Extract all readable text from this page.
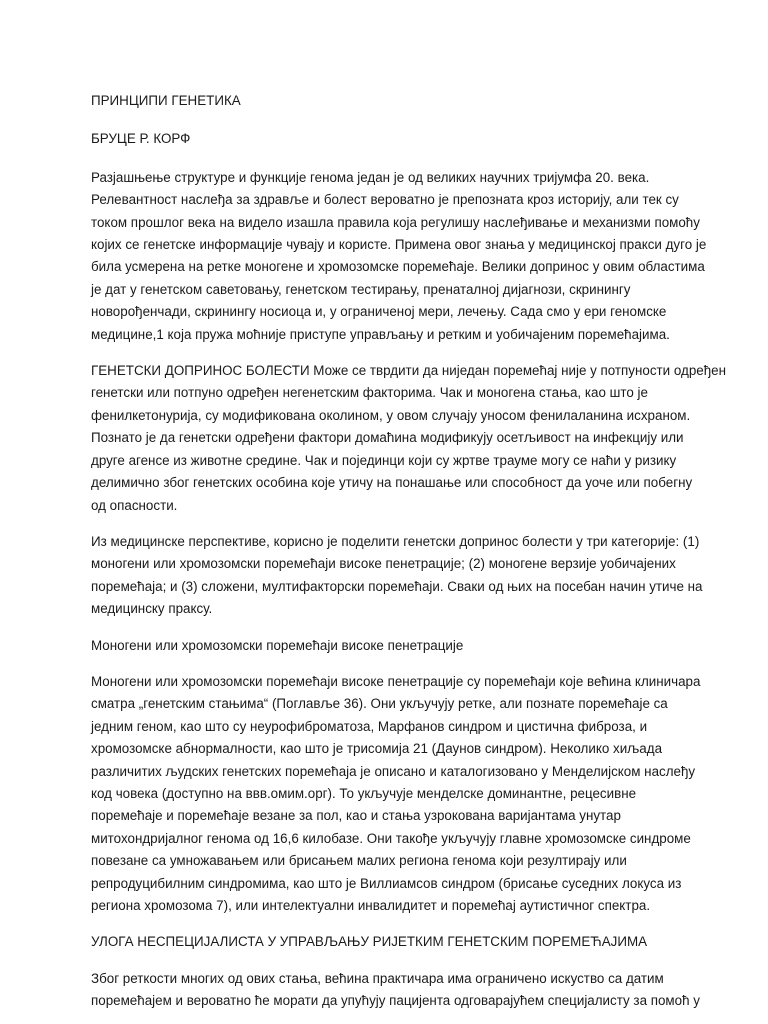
ПРИНЦИПИ ГЕНЕТИКА

БРУЦЕ Р. КОРФ

Разјашњење структуре и функције генома један је од великих научних тријумфа 20. века.
Релевантност наслеђа за здравље и болест вероватно је препозната кроз историју, али тек су
током прошлог века на видело изашла правила која регулишу наслеђивање и механизми помоћу
којих се генетске информације чувају и користе. Примена овог знања у медицинској пракси дуго је
била усмерена на ретке моногене и хромозомске поремећаје. Велики допринос у овим областима
је дат у генетском саветовању, генетском тестирању, пренаталној дијагнози, скринингу
новорођенчади, скринингу носиоца и, у ограниченој мери, лечењу. Сада смо у ери геномске
медицине,1 која пружа моћније приступе управљању и ретким и уобичајеним поремећајима.

ГЕНЕТСКИ ДОПРИНОС БОЛЕСТИ Може се тврдити да ниједан поремећај није у потпуности одређен
генетски или потпуно одређен негенетским факторима. Чак и моногена стања, као што је
фенилкетонурија, су модификована околином, у овом случају уносом фенилаланина исхраном.
Познато је да генетски одређени фактори домаћина модификују осетљивост на инфекцију или
друге агенсе из животне средине. Чак и појединци који су жртве трауме могу се наћи у ризику
делимично због генетских особина које утичу на понашање или способност да уоче или побегну
од опасности.

Из медицинске перспективе, корисно је поделити генетски допринос болести у три категорије: (1)
моногени или хромозомски поремећаји високе пенетрације; (2) моногене верзије уобичајених
поремећаја; и (3) сложени, мултифакторски поремећаји. Сваки од њих на посебан начин утиче на
медицинску праксу.

Моногени или хромозомски поремећаји високе пенетрације

Моногени или хромозомски поремећаји високе пенетрације су поремећаји које већина клиничара
сматра „генетским стањима“ (Поглавље 36). Они укључују ретке, али познате поремећаје са
једним геном, као што су неурофиброматоза, Марфанов синдром и цистична фиброза, и
хромозомске абнормалности, као што је трисомија 21 (Даунов синдром). Неколико хиљада
различитих људских генетских поремећаја је описано и каталогизовано у Менделијском наслеђу
код човека (доступно на ввв.омим.орг). То укључује менделске доминантне, рецесивне
поремећаје и поремећаје везане за пол, као и стања узрокована варијантама унутар
митохондријалног генома од 16,6 килобазе. Они такође укључују главне хромозомске синдроме
повезане са умножавањем или брисањем малих региона генома који резултирају или
репродуцибилним синдромима, као што је Виллиамсов синдром (брисање суседних локуса из
региона хромозома 7), или интелектуални инвалидитет и поремећај аутистичног спектра.

УЛОГА НЕСПЕЦИЈАЛИСТА У УПРАВЉАЊУ РИЈЕТКИМ ГЕНЕТСКИМ ПОРЕМЕЋАЈИМА

Због реткости многих од ових стања, већина практичара има ограничено искуство са датим
поремећајем и вероватно ће морати да упућују пацијента одговарајућем специјалисту за помоћ у
